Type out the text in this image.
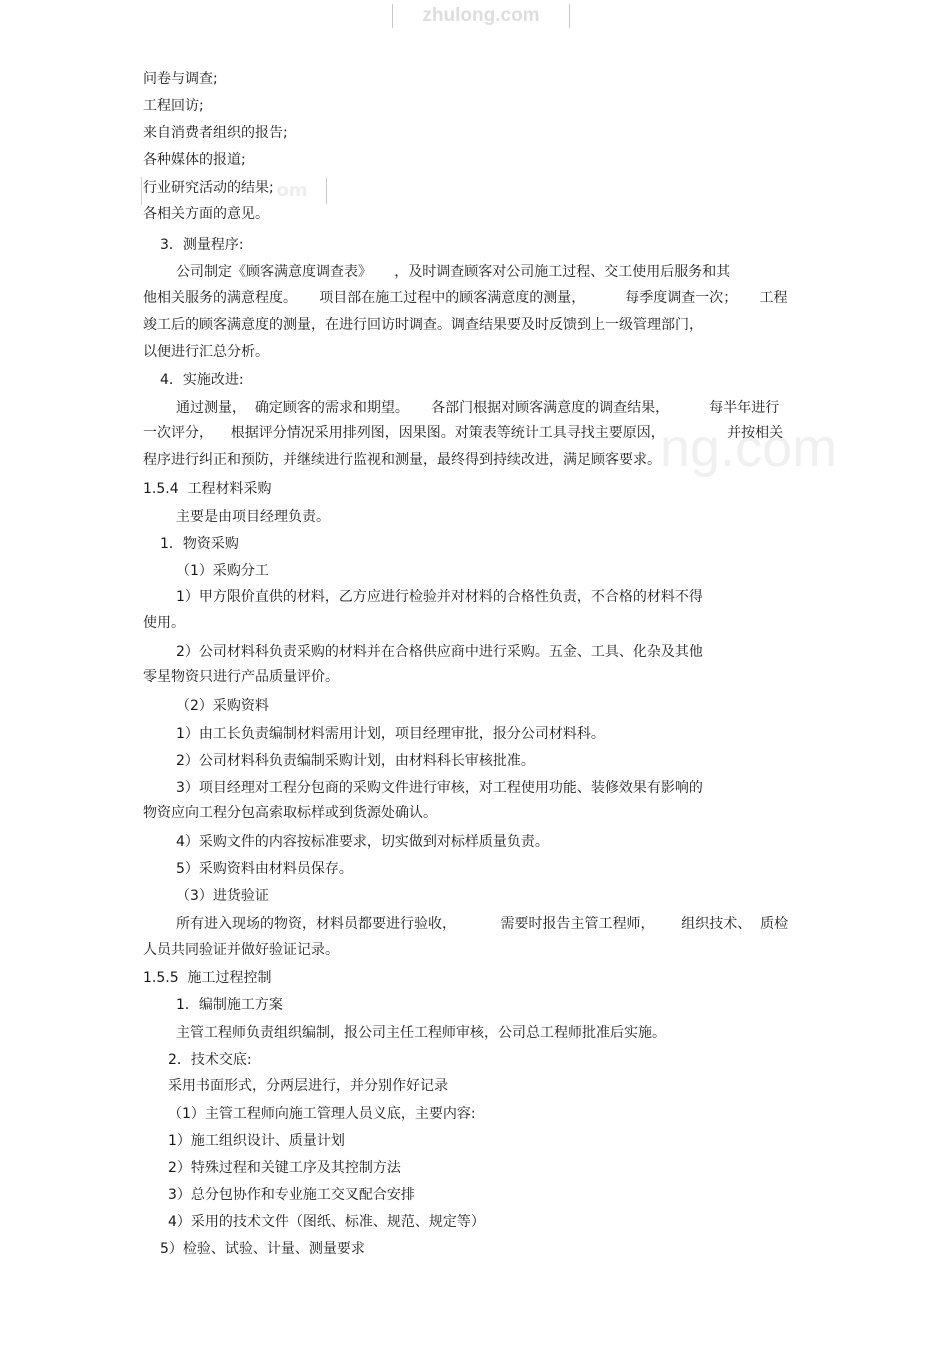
zhulong.com
om
ng.com
问卷与调查;
工程回访;
来自消费者组织的报告;
各种媒体的报道;
行业研究活动的结果;
各相关方面的意见。
3．测量程序:
公司制定《顾客满意度调查表》     ，及时调查顾客对公司施工过程、交工使用后服务和其
他相关服务的满意程度。     项目部在施工过程中的顾客满意度的测量，         每季度调查一次；     工程
竣工后的顾客满意度的测量，在进行回访时调查。调查结果要及时反馈到上一级管理部门，
以便进行汇总分析。
4．实施改进:
通过测量，  确定顾客的需求和期望。     各部门根据对顾客满意度的调查结果，         每半年进行
一次评分，    根据评分情况采用排列图，因果图。对策表等统计工具寻找主要原因，              并按相关
程序进行纠正和预防，并继续进行监视和测量，最终得到持续改进，满足顾客要求。
1.5.4  工程材料采购
主要是由项目经理负责。
1．物资采购
（1）采购分工
1）甲方限价直供的材料，乙方应进行检验并对材料的合格性负责，不合格的材料不得
使用。
2）公司材料科负责采购的材料并在合格供应商中进行采购。五金、工具、化杂及其他
零星物资只进行产品质量评价。
（2）采购资料
1）由工长负责编制材料需用计划，项目经理审批，报分公司材料科。
2）公司材料科负责编制采购计划，由材料科长审核批准。
3）项目经理对工程分包商的采购文件进行审核，对工程使用功能、装修效果有影响的
物资应向工程分包高索取标样或到货源处确认。
4）采购文件的内容按标准要求，切实做到对标样质量负责。
5）采购资料由材料员保存。
（3）进货验证
所有进入现场的物资，材料员都要进行验收，          需要时报告主管工程师，      组织技术、  质检
人员共同验证并做好验证记录。
1.5.5  施工过程控制
1．编制施工方案
主管工程师负责组织编制，报公司主任工程师审核，公司总工程师批准后实施。
2．技术交底:
采用书面形式，分两层进行，并分别作好记录
（1）主管工程师向施工管理人员义底，主要内容:
1）施工组织设计、质量计划
2）特殊过程和关键工序及其控制方法
3）总分包协作和专业施工交叉配合安排
4）采用的技术文件（图纸、标准、规范、规定等）
5）检验、试验、计量、测量要求
